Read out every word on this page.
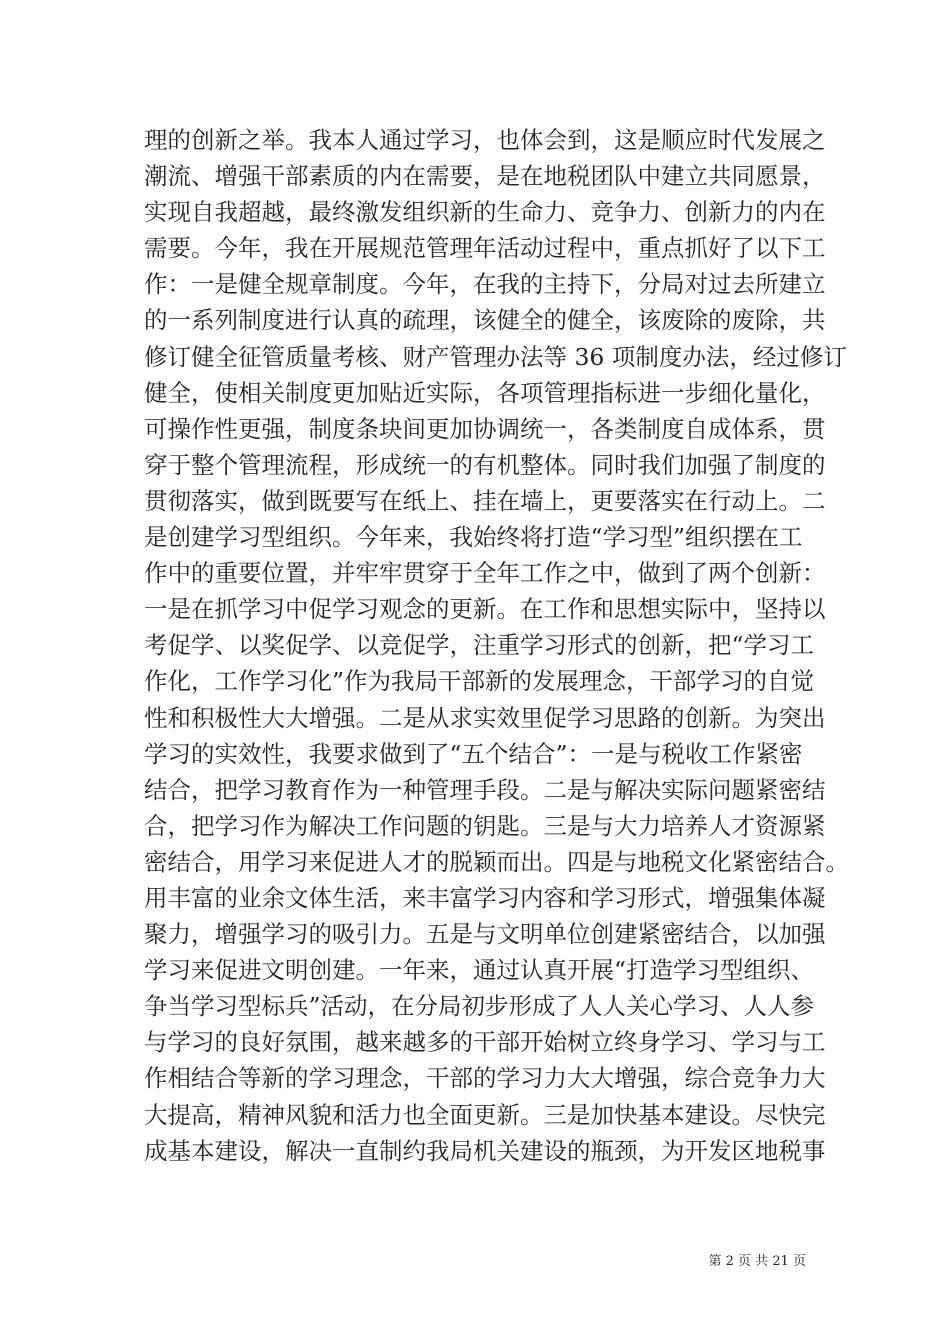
理的创新之举。我本人通过学习，也体会到，这是顺应时代发展之
潮流、增强干部素质的内在需要，是在地税团队中建立共同愿景，
实现自我超越，最终激发组织新的生命力、竞争力、创新力的内在
需要。今年，我在开展规范管理年活动过程中，重点抓好了以下工
作：一是健全规章制度。今年，在我的主持下，分局对过去所建立
的一系列制度进行认真的疏理，该健全的健全，该废除的废除，共
修订健全征管质量考核、财产管理办法等 36 项制度办法，经过修订
健全，使相关制度更加贴近实际，各项管理指标进一步细化量化，
可操作性更强，制度条块间更加协调统一，各类制度自成体系，贯
穿于整个管理流程，形成统一的有机整体。同时我们加强了制度的
贯彻落实，做到既要写在纸上、挂在墙上，更要落实在行动上。二
是创建学习型组织。今年来，我始终将打造“学习型”组织摆在工
作中的重要位置，并牢牢贯穿于全年工作之中，做到了两个创新：
一是在抓学习中促学习观念的更新。在工作和思想实际中，坚持以
考促学、以奖促学、以竞促学，注重学习形式的创新，把“学习工
作化，工作学习化”作为我局干部新的发展理念，干部学习的自觉
性和积极性大大增强。二是从求实效里促学习思路的创新。为突出
学习的实效性，我要求做到了“五个结合”：一是与税收工作紧密
结合，把学习教育作为一种管理手段。二是与解决实际问题紧密结
合，把学习作为解决工作问题的钥匙。三是与大力培养人才资源紧
密结合，用学习来促进人才的脱颖而出。四是与地税文化紧密结合。
用丰富的业余文体生活，来丰富学习内容和学习形式，增强集体凝
聚力，增强学习的吸引力。五是与文明单位创建紧密结合，以加强
学习来促进文明创建。一年来，通过认真开展“打造学习型组织、
争当学习型标兵”活动，在分局初步形成了人人关心学习、人人参
与学习的良好氛围，越来越多的干部开始树立终身学习、学习与工
作相结合等新的学习理念，干部的学习力大大增强，综合竞争力大
大提高，精神风貌和活力也全面更新。三是加快基本建设。尽快完
成基本建设，解决一直制约我局机关建设的瓶颈，为开发区地税事
第 2 页 共 21 页
